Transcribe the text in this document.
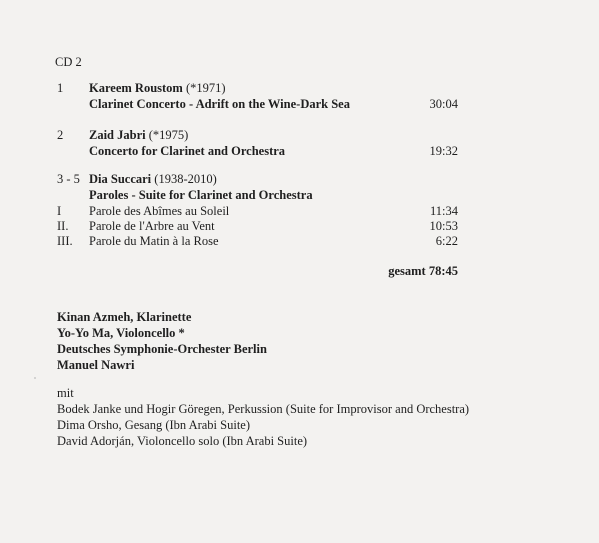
CD 2
1 Kareem Roustom (*1971)
Clarinet Concerto - Adrift on the Wine-Dark Sea	30:04
2 Zaid Jabri (*1975)
Concerto for Clarinet and Orchestra	19:32
3 - 5 Dia Succari (1938-2010)
Paroles - Suite for Clarinet and Orchestra
I Parole des Abîmes au Soleil	11:34
II. Parole de l'Arbre au Vent	10:53
III. Parole du Matin à la Rose	6:22
gesamt 78:45
Kinan Azmeh, Klarinette
Yo-Yo Ma, Violoncello *
Deutsches Symphonie-Orchester Berlin
Manuel Nawri
mit
Bodek Janke und Hogir Göregen, Perkussion (Suite for Improvisor and Orchestra)
Dima Orsho, Gesang (Ibn Arabi Suite)
David Adorján, Violoncello solo (Ibn Arabi Suite)
